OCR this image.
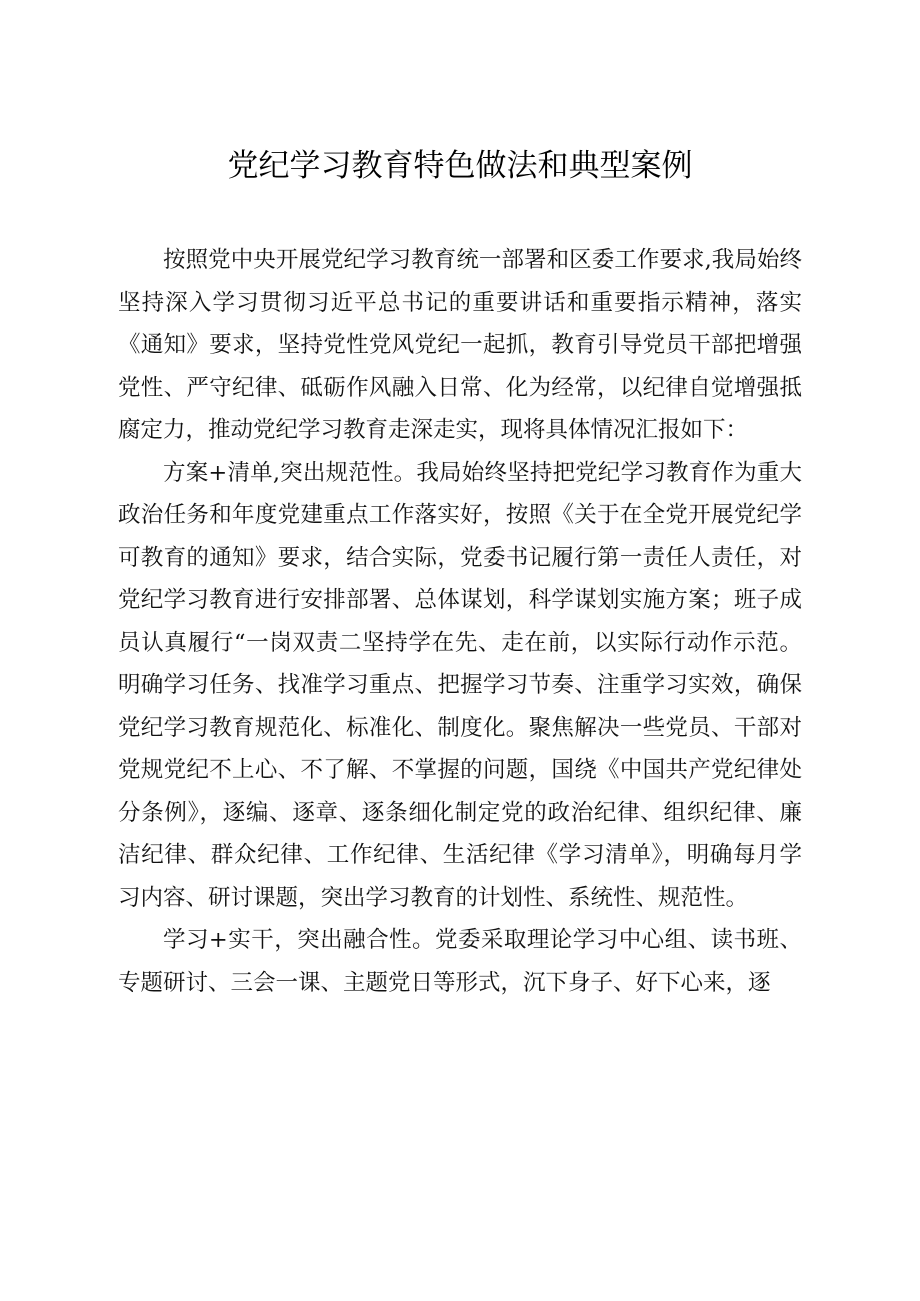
党纪学习教育特色做法和典型案例

按照党中央开展党纪学习教育统一部署和区委工作要求,我局始终坚持深入学习贯彻习近平总书记的重要讲话和重要指示精神，落实《通知》要求，坚持党性党风党纪一起抓，教育引导党员干部把增强党性、严守纪律、砥砺作风融入日常、化为经常，以纪律自觉增强抵腐定力，推动党纪学习教育走深走实，现将具体情况汇报如下：

方案+清单,突出规范性。我局始终坚持把党纪学习教育作为重大政治任务和年度党建重点工作落实好，按照《关于在全党开展党纪学可教育的通知》要求，结合实际，党委书记履行第一责任人责任，对党纪学习教育进行安排部署、总体谋划，科学谋划实施方案；班子成员认真履行“一岗双责二坚持学在先、走在前，以实际行动作示范。明确学习任务、找准学习重点、把握学习节奏、注重学习实效，确保党纪学习教育规范化、标准化、制度化。聚焦解决一些党员、干部对党规党纪不上心、不了解、不掌握的问题，国绕《中国共产党纪律处分条例》，逐编、逐章、逐条细化制定党的政治纪律、组织纪律、廉洁纪律、群众纪律、工作纪律、生活纪律《学习清单》，明确每月学习内容、研讨课题，突出学习教育的计划性、系统性、规范性。

学习+实干，突出融合性。党委采取理论学习中心组、读书班、专题研讨、三会一课、主题党日等形式，沉下身子、好下心来，逐
